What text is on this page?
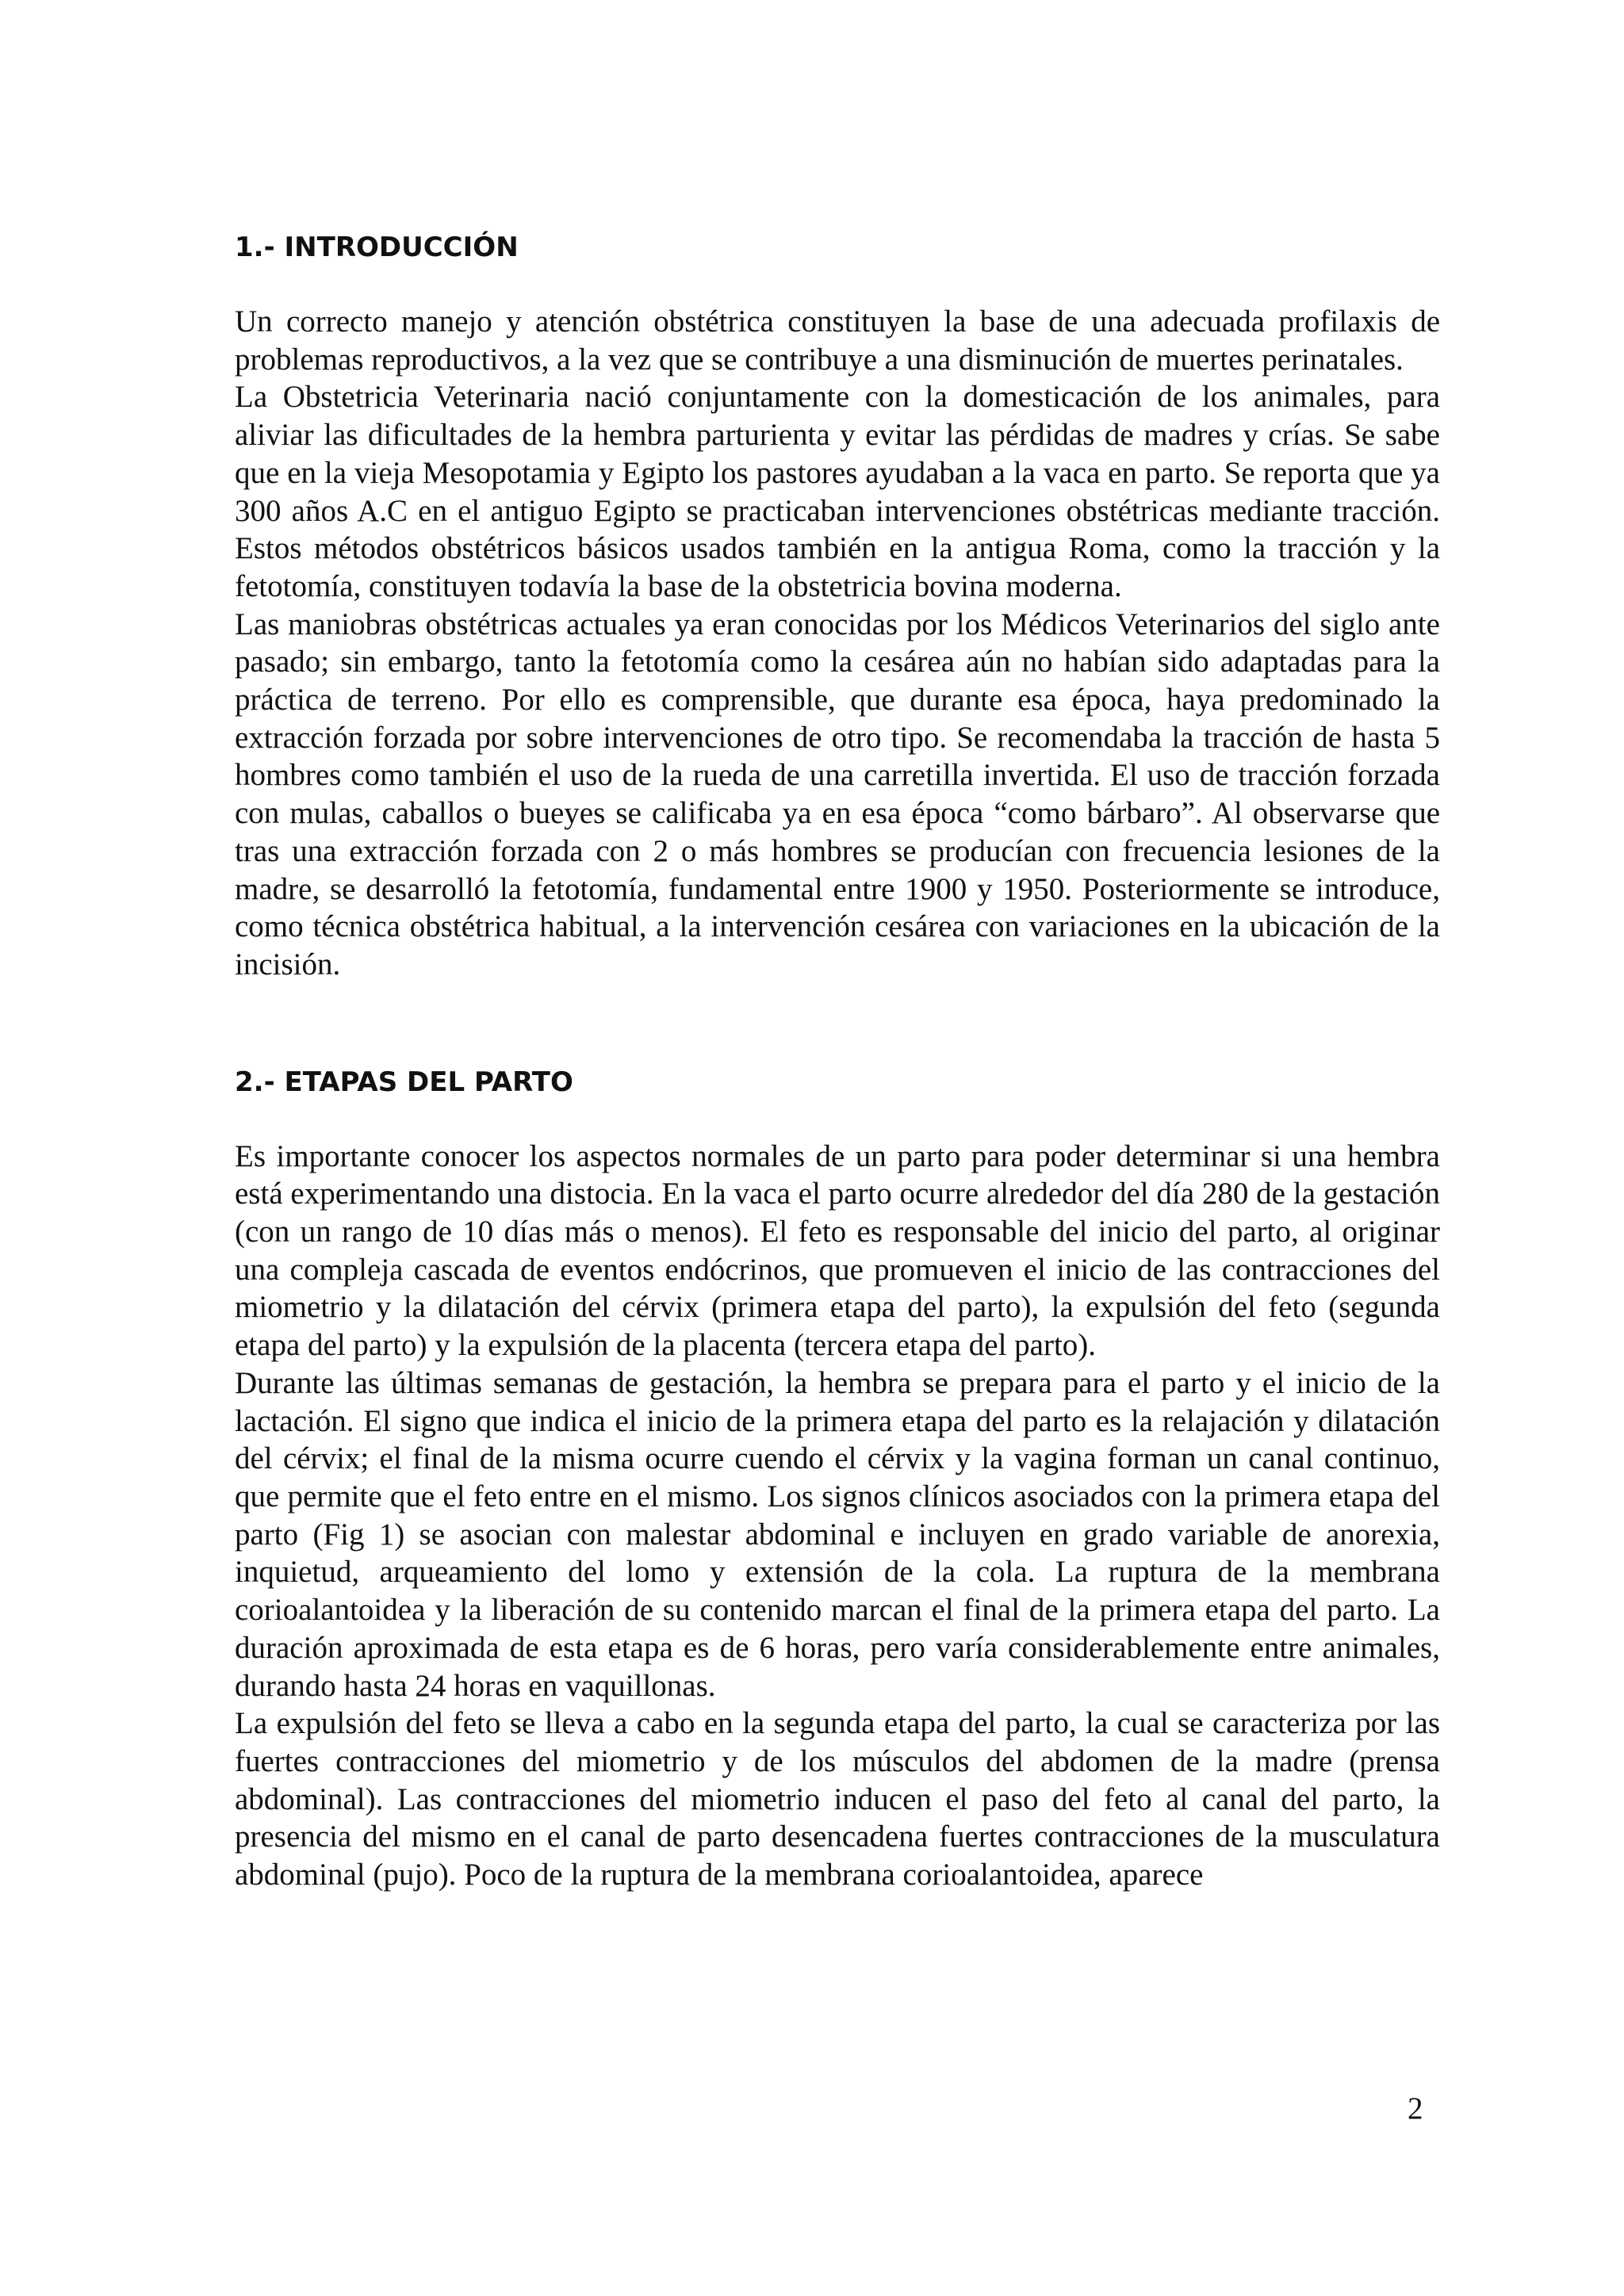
1.- INTRODUCCIÓN

Un correcto manejo y atención obstétrica constituyen la base de una adecuada profilaxis de problemas reproductivos, a la vez que se contribuye a una disminución de muertes perinatales.

La Obstetricia Veterinaria nació conjuntamente con la domesticación de los animales, para aliviar las dificultades de la hembra parturienta y evitar las pérdidas de madres y crías. Se sabe que en la vieja Mesopotamia y Egipto los pastores ayudaban a la vaca en parto. Se reporta que ya 300 años A.C en el antiguo Egipto se practicaban intervenciones obstétricas mediante tracción. Estos métodos obstétricos básicos usados también en la antigua Roma, como la tracción y la fetotomía, constituyen todavía la base de la obstetricia bovina moderna.

Las maniobras obstétricas actuales ya eran conocidas por los Médicos Veterinarios del siglo ante pasado; sin embargo, tanto la fetotomía como la cesárea aún no habían sido adaptadas para la práctica de terreno. Por ello es comprensible, que durante esa época, haya predominado la extracción forzada por sobre intervenciones de otro tipo. Se recomendaba la tracción de hasta 5 hombres como también el uso de la rueda de una carretilla invertida. El uso de tracción forzada con mulas, caballos o bueyes se calificaba ya en esa época “como bárbaro”. Al observarse que tras una extracción forzada con 2 o más hombres se producían con frecuencia lesiones de la madre, se desarrolló la fetotomía, fundamental entre 1900 y 1950. Posteriormente se introduce, como técnica obstétrica habitual, a la intervención cesárea con variaciones en la ubicación de la incisión.

2.- ETAPAS DEL PARTO

Es importante conocer los aspectos normales de un parto para poder determinar si una hembra está experimentando una distocia. En la vaca el parto ocurre alrededor del día 280 de la gestación (con un rango de 10 días más o menos). El feto es responsable del inicio del parto, al originar una compleja cascada de eventos endócrinos, que promueven el inicio de las contracciones del miometrio y la dilatación del cérvix (primera etapa del parto), la expulsión del feto (segunda etapa del parto) y la expulsión de la placenta (tercera etapa del parto).

Durante las últimas semanas de gestación, la hembra se prepara para el parto y el inicio de la lactación. El signo que indica el inicio de la primera etapa del parto es la relajación y dilatación del cérvix; el final de la misma ocurre cuendo el cérvix y la vagina forman un canal continuo, que permite que el feto entre en el mismo. Los signos clínicos asociados con la primera etapa del parto (Fig 1) se asocian con malestar abdominal e incluyen en grado variable de anorexia, inquietud, arqueamiento del lomo y extensión de la cola. La ruptura de la membrana corioalantoidea y la liberación de su contenido marcan el final de la primera etapa del parto. La duración aproximada de esta etapa es de 6 horas, pero varía considerablemente entre animales, durando hasta 24 horas en vaquillonas.

La expulsión del feto se lleva a cabo en la segunda etapa del parto, la cual se caracteriza por las fuertes contracciones del miometrio y de los músculos del abdomen de la madre (prensa abdominal). Las contracciones del miometrio inducen el paso del feto al canal del parto, la presencia del mismo en el canal de parto desencadena fuertes contracciones de la musculatura abdominal (pujo). Poco de la ruptura de la membrana corioalantoidea, aparece

2
